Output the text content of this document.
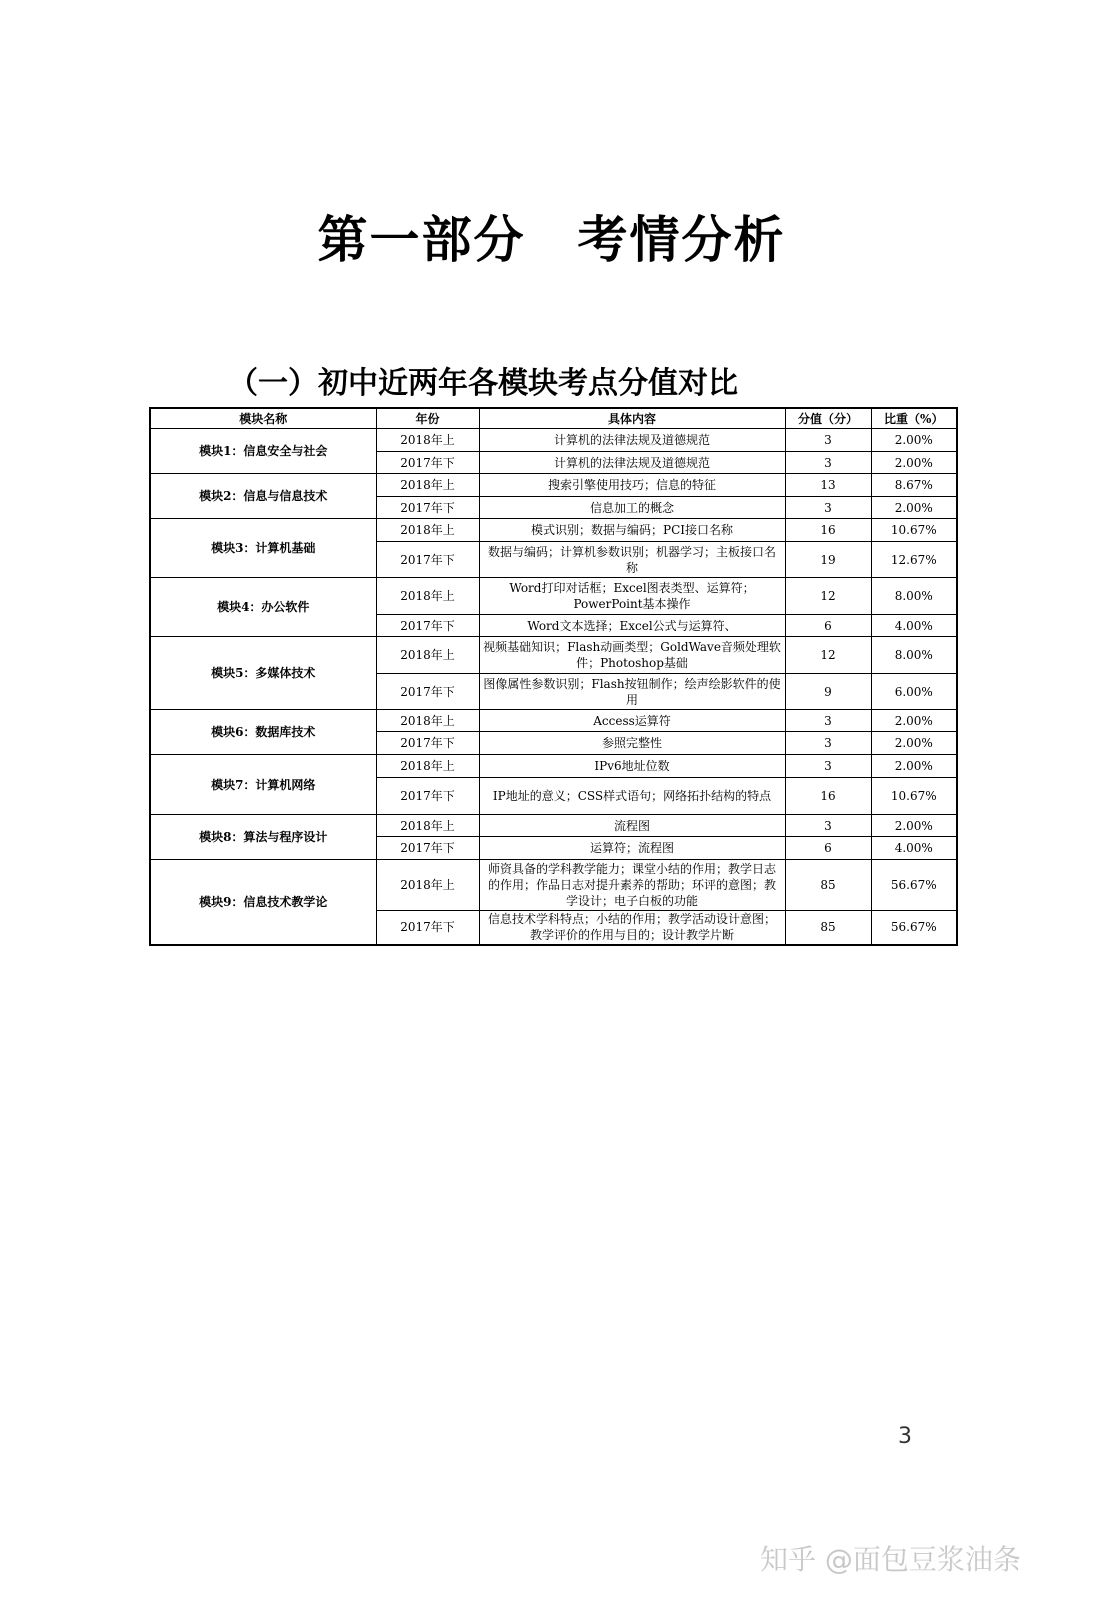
第一部分　考情分析
（一）初中近两年各模块考点分值对比
模块名称	年份	具体内容	分值（分）	比重（%）
模块1：信息安全与社会	2018年上	计算机的法律法规及道德规范	3	2.00%
	2017年下	计算机的法律法规及道德规范	3	2.00%
模块2：信息与信息技术	2018年上	搜索引擎使用技巧；信息的特征	13	8.67%
	2017年下	信息加工的概念	3	2.00%
模块3：计算机基础	2018年上	模式识别；数据与编码；PCI接口名称	16	10.67%
	2017年下	数据与编码；计算机参数识别；机器学习；主板接口名称	19	12.67%
模块4：办公软件	2018年上	Word打印对话框；Excel图表类型、运算符；PowerPoint基本操作	12	8.00%
	2017年下	Word文本选择；Excel公式与运算符、	6	4.00%
模块5：多媒体技术	2018年上	视频基础知识；Flash动画类型；GoldWave音频处理软件；Photoshop基础	12	8.00%
	2017年下	图像属性参数识别；Flash按钮制作；绘声绘影软件的使用	9	6.00%
模块6：数据库技术	2018年上	Access运算符	3	2.00%
	2017年下	参照完整性	3	2.00%
模块7：计算机网络	2018年上	IPv6地址位数	3	2.00%
	2017年下	IP地址的意义；CSS样式语句；网络拓扑结构的特点	16	10.67%
模块8：算法与程序设计	2018年上	流程图	3	2.00%
	2017年下	运算符；流程图	6	4.00%
模块9：信息技术教学论	2018年上	师资具备的学科教学能力；课堂小结的作用；教学日志的作用；作品日志对提升素养的帮助；环评的意图；教学设计；电子白板的功能	85	56.67%
	2017年下	信息技术学科特点；小结的作用；教学活动设计意图；教学评价的作用与目的；设计教学片断	85	56.67%
3
知乎 @面包豆浆油条
